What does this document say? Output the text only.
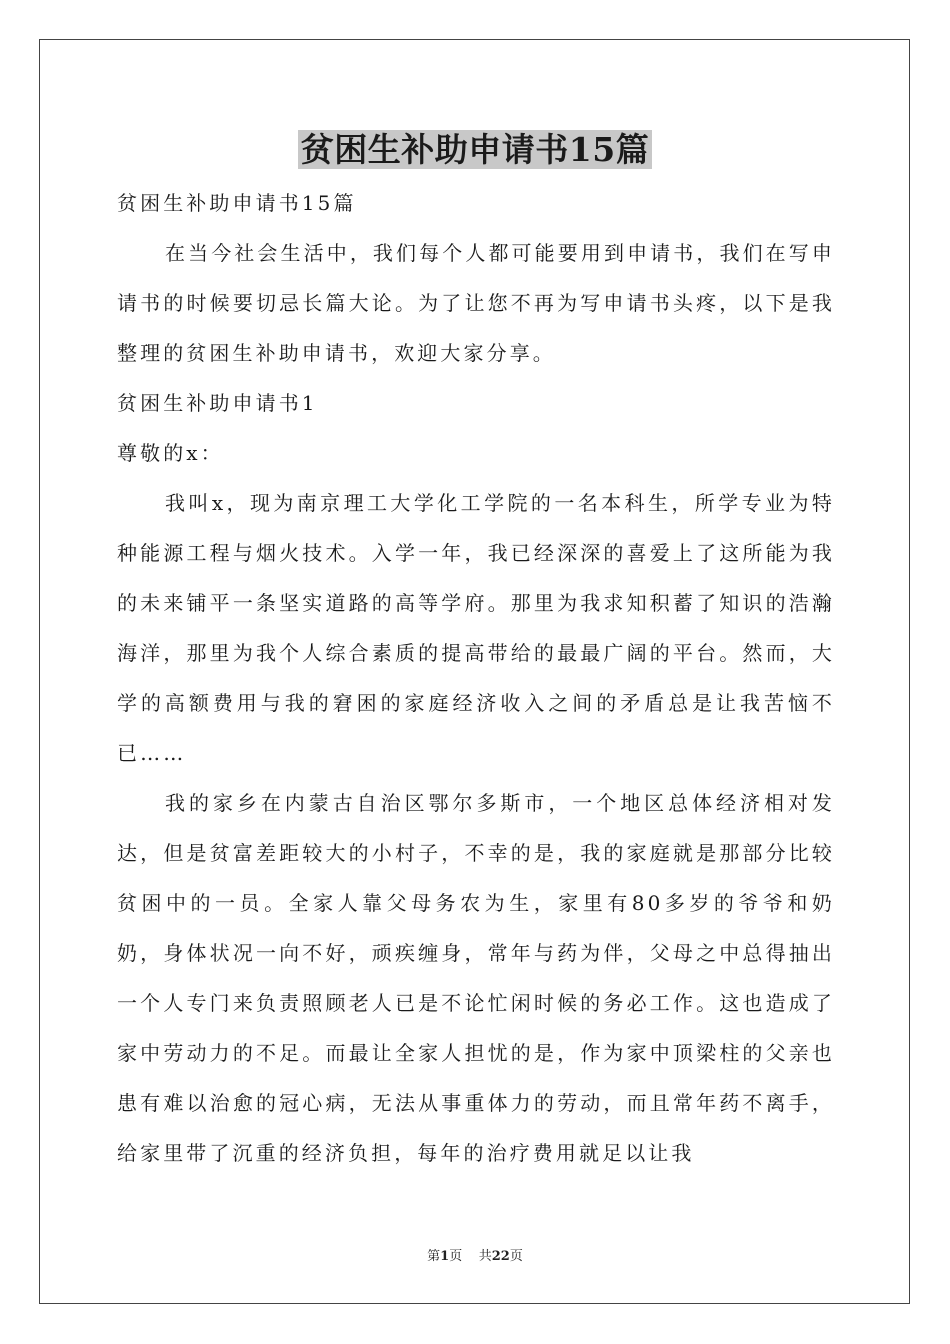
贫困生补助申请书15篇

贫困生补助申请书15篇

在当今社会生活中，我们每个人都可能要用到申请书，我们在写申请书的时候要切忌长篇大论。为了让您不再为写申请书头疼，以下是我整理的贫困生补助申请书，欢迎大家分享。

贫困生补助申请书1

尊敬的x：

我叫x，现为南京理工大学化工学院的一名本科生，所学专业为特种能源工程与烟火技术。入学一年，我已经深深的喜爱上了这所能为我的未来铺平一条坚实道路的高等学府。那里为我求知积蓄了知识的浩瀚海洋，那里为我个人综合素质的提高带给的最最广阔的平台。然而，大学的高额费用与我的窘困的家庭经济收入之间的矛盾总是让我苦恼不已……

我的家乡在内蒙古自治区鄂尔多斯市，一个地区总体经济相对发达，但是贫富差距较大的小村子，不幸的是，我的家庭就是那部分比较贫困中的一员。全家人靠父母务农为生，家里有80多岁的爷爷和奶奶，身体状况一向不好，顽疾缠身，常年与药为伴，父母之中总得抽出一个人专门来负责照顾老人已是不论忙闲时候的务必工作。这也造成了家中劳动力的不足。而最让全家人担忧的是，作为家中顶梁柱的父亲也患有难以治愈的冠心病，无法从事重体力的劳动，而且常年药不离手，给家里带了沉重的经济负担，每年的治疗费用就足以让我

第1页 共22页
